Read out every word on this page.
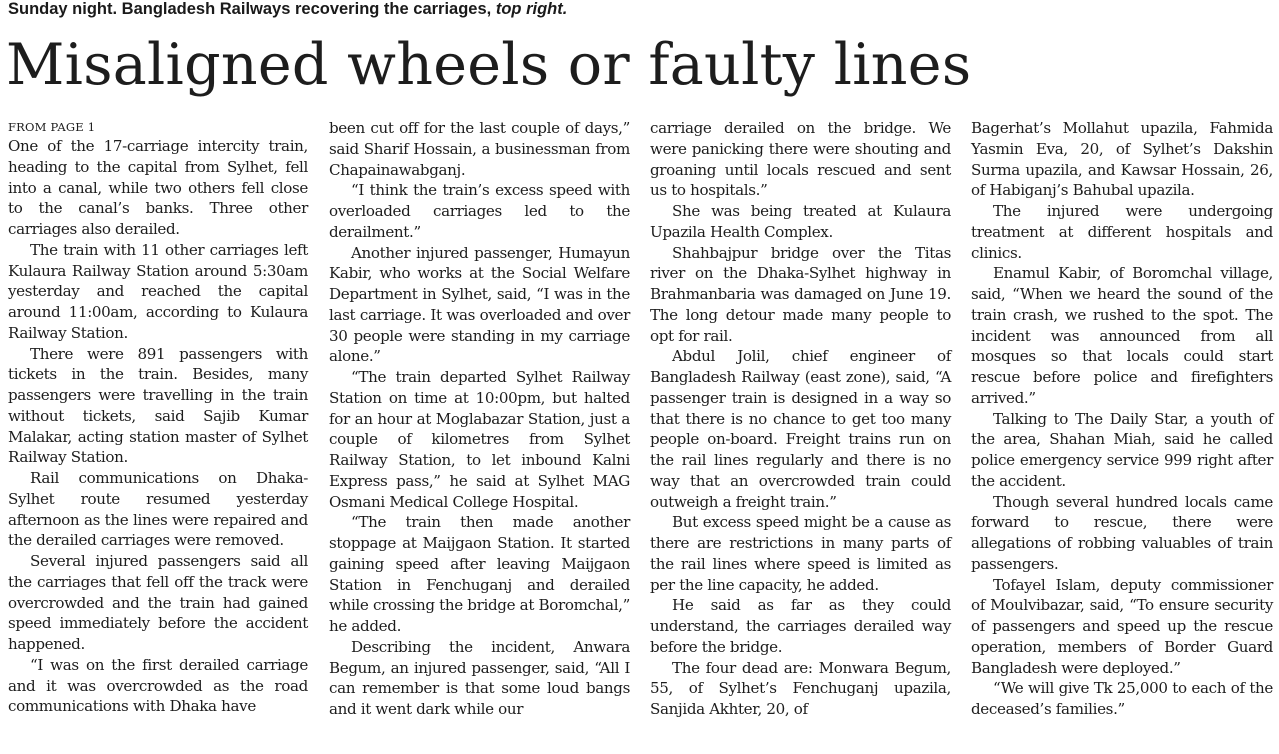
Sunday night. Bangladesh Railways recovering the carriages, top right.
Misaligned wheels or faulty lines

FROM PAGE 1

One of the 17-carriage intercity train, heading to the capital from Sylhet, fell into a canal, while two others fell close to the canal’s banks. Three other carriages also derailed.

The train with 11 other carriages left Kulaura Railway Station around 5:30am yesterday and reached the capital around 11:00am, according to Kulaura Railway Station.

There were 891 passengers with tickets in the train. Besides, many passengers were travelling in the train without tickets, said Sajib Kumar Malakar, acting station master of Sylhet Railway Station.

Rail communications on Dhaka-Sylhet route resumed yesterday afternoon as the lines were repaired and the derailed carriages were removed.

Several injured passengers said all the carriages that fell off the track were overcrowded and the train had gained speed immediately before the accident happened.

“I was on the first derailed carriage and it was overcrowded as the road communications with Dhaka have

been cut off for the last couple of days,” said Sharif Hossain, a businessman from Chapainawabganj.

“I think the train’s excess speed with overloaded carriages led to the derailment.”

Another injured passenger, Humayun Kabir, who works at the Social Welfare Department in Sylhet, said, “I was in the last carriage. It was overloaded and over 30 people were standing in my carriage alone.”

“The train departed Sylhet Railway Station on time at 10:00pm, but halted for an hour at Moglabazar Station, just a couple of kilometres from Sylhet Railway Station, to let inbound Kalni Express pass,” he said at Sylhet MAG Osmani Medical College Hospital.

“The train then made another stoppage at Maijgaon Station. It started gaining speed after leaving Maijgaon Station in Fenchuganj and derailed while crossing the bridge at Boromchal,” he added.

Describing the incident, Anwara Begum, an injured passenger, said, “All I can remember is that some loud bangs and it went dark while our

carriage derailed on the bridge. We were panicking there were shouting and groaning until locals rescued and sent us to hospitals.”

She was being treated at Kulaura Upazila Health Complex.

Shahbajpur bridge over the Titas river on the Dhaka-Sylhet highway in Brahmanbaria was damaged on June 19. The long detour made many people to opt for rail.

Abdul Jolil, chief engineer of Bangladesh Railway (east zone), said, “A passenger train is designed in a way so that there is no chance to get too many people on-board. Freight trains run on the rail lines regularly and there is no way that an overcrowded train could outweigh a freight train.”

But excess speed might be a cause as there are restrictions in many parts of the rail lines where speed is limited as per the line capacity, he added.

He said as far as they could understand, the carriages derailed way before the bridge.

The four dead are: Monwara Begum, 55, of Sylhet’s Fenchuganj upazila, Sanjida Akhter, 20, of

Bagerhat’s Mollahut upazila, Fahmida Yasmin Eva, 20, of Sylhet’s Dakshin Surma upazila, and Kawsar Hossain, 26, of Habiganj’s Bahubal upazila.

The injured were undergoing treatment at different hospitals and clinics.

Enamul Kabir, of Boromchal village, said, “When we heard the sound of the train crash, we rushed to the spot. The incident was announced from all mosques so that locals could start rescue before police and firefighters arrived.”

Talking to The Daily Star, a youth of the area, Shahan Miah, said he called police emergency service 999 right after the accident.

Though several hundred locals came forward to rescue, there were allegations of robbing valuables of train passengers.

Tofayel Islam, deputy commissioner of Moulvibazar, said, “To ensure security of passengers and speed up the rescue operation, members of Border Guard Bangladesh were deployed.”

“We will give Tk 25,000 to each of the deceased’s families.”
